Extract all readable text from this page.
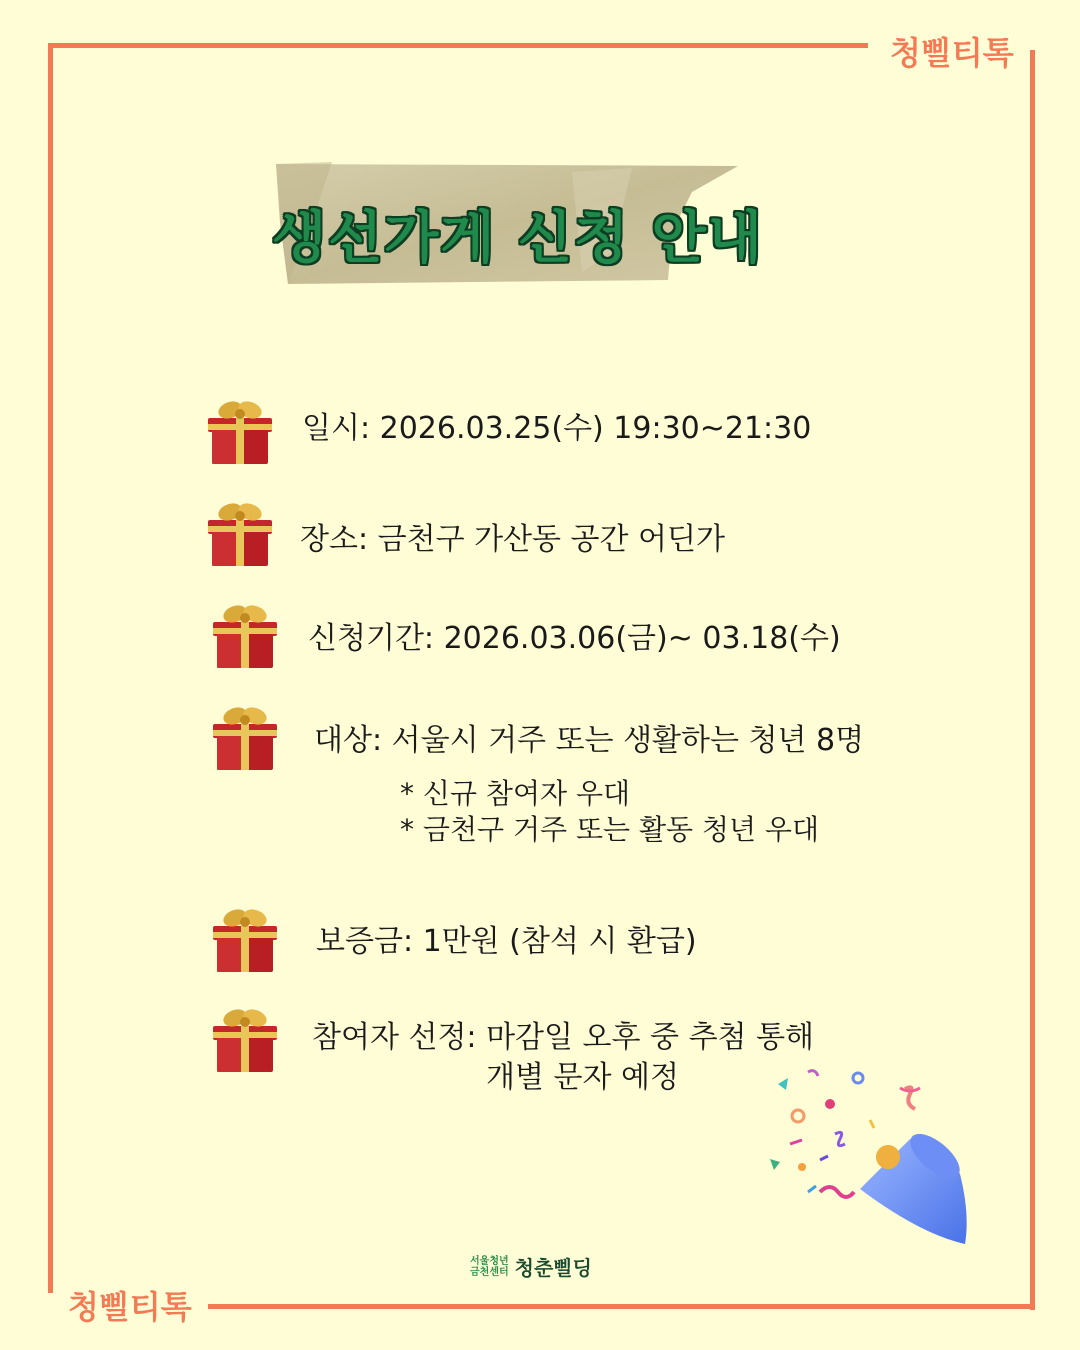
청삘티톡
청삘티톡
생선가게 신청 안내
일시: 2026.03.25(수) 19:30~21:30
장소: 금천구 가산동 공간 어딘가
신청기간: 2026.03.06(금)~ 03.18(수)
대상: 서울시 거주 또는 생활하는 청년 8명
* 신규 참여자 우대
* 금천구 거주 또는 활동 청년 우대
보증금: 1만원 (참석 시 환급)
참여자 선정: 마감일 오후 중 추첨 통해
개별 문자 예정
서울청년
금천센터 청춘삘딩
